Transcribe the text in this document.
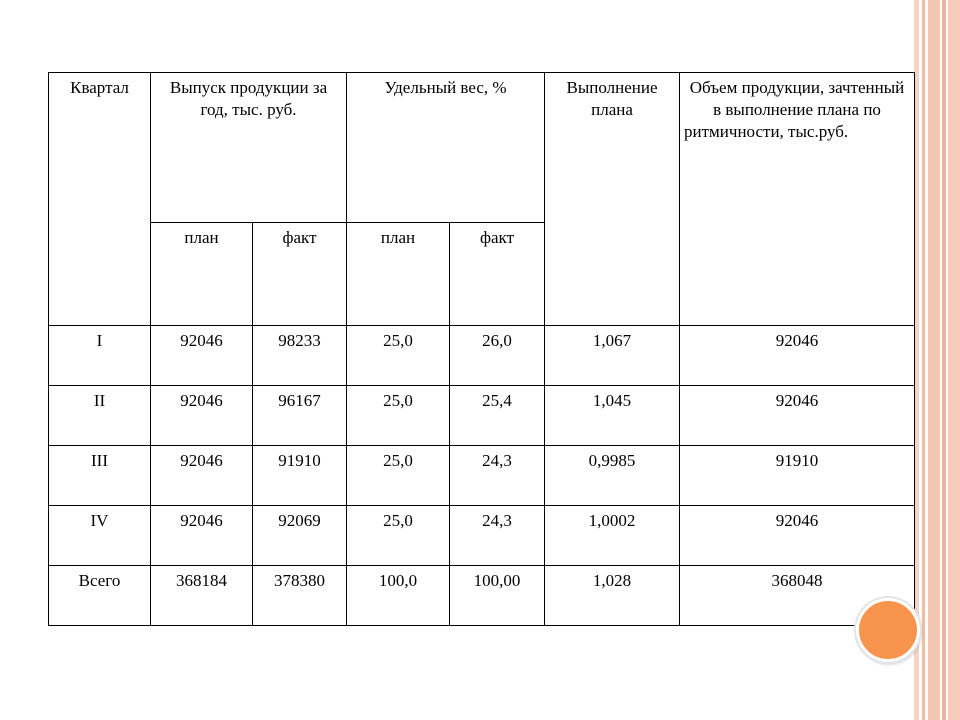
Квартал	Выпуск продукции за год, тыс. руб.		Удельный вес, %		Выполнение плана	Объем продукции, зачтенный в выполнение плана по ритмичности, тыс.руб.
	план	факт	план	факт		
I	92046	98233	25,0	26,0	1,067	92046
II	92046	96167	25,0	25,4	1,045	92046
III	92046	91910	25,0	24,3	0,9985	91910
IV	92046	92069	25,0	24,3	1,0002	92046
Всего	368184	378380	100,0	100,00	1,028	368048
